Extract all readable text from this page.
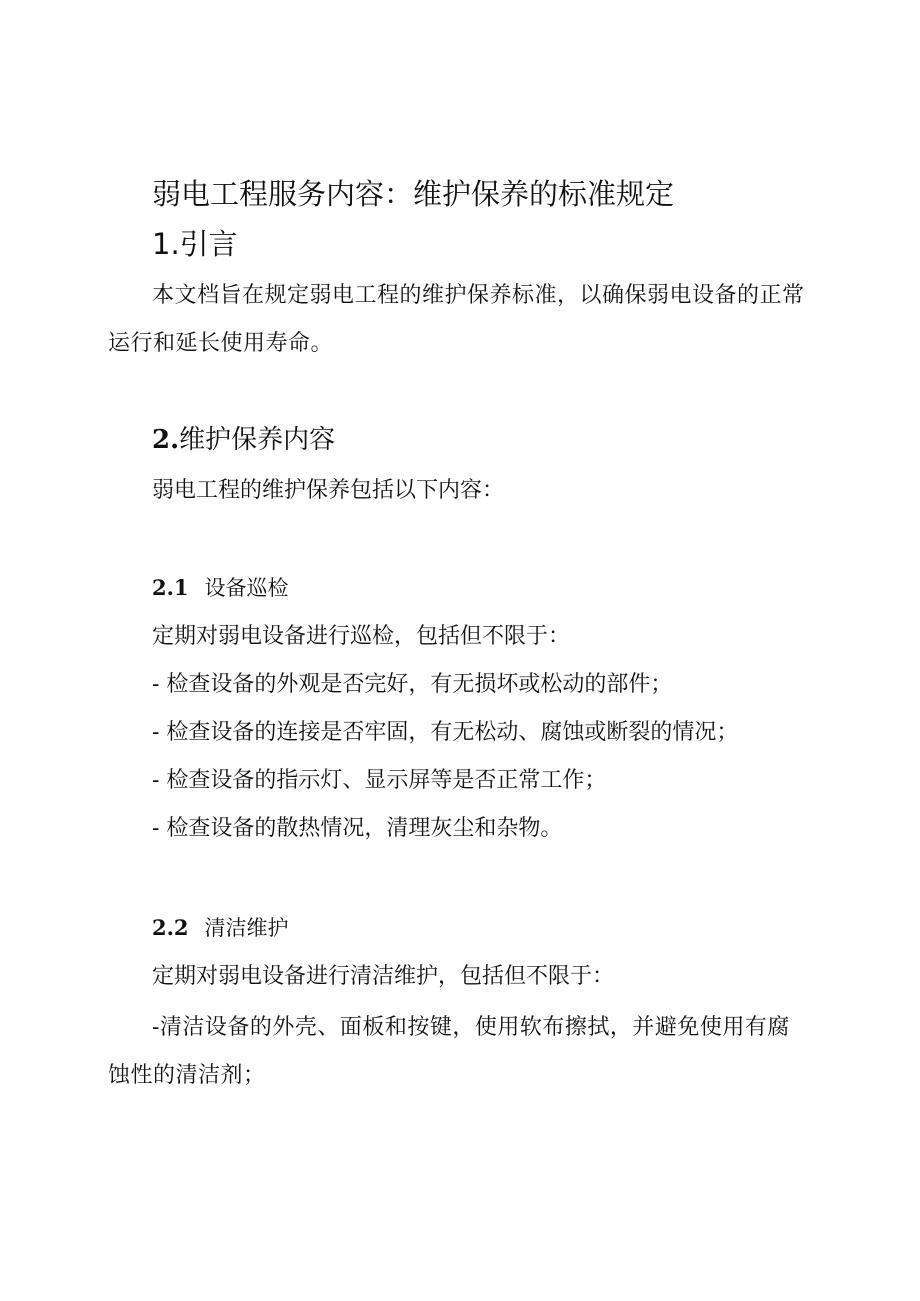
弱电工程服务内容：维护保养的标准规定
1.引言
本文档旨在规定弱电工程的维护保养标准，以确保弱电设备的正常运行和延长使用寿命。
2.维护保养内容
弱电工程的维护保养包括以下内容：
2.1 设备巡检
定期对弱电设备进行巡检，包括但不限于：
- 检查设备的外观是否完好，有无损坏或松动的部件；
- 检查设备的连接是否牢固，有无松动、腐蚀或断裂的情况；
- 检查设备的指示灯、显示屏等是否正常工作；
- 检查设备的散热情况，清理灰尘和杂物。
2.2 清洁维护
定期对弱电设备进行清洁维护，包括但不限于：
-清洁设备的外壳、面板和按键，使用软布擦拭，并避免使用有腐蚀性的清洁剂；
